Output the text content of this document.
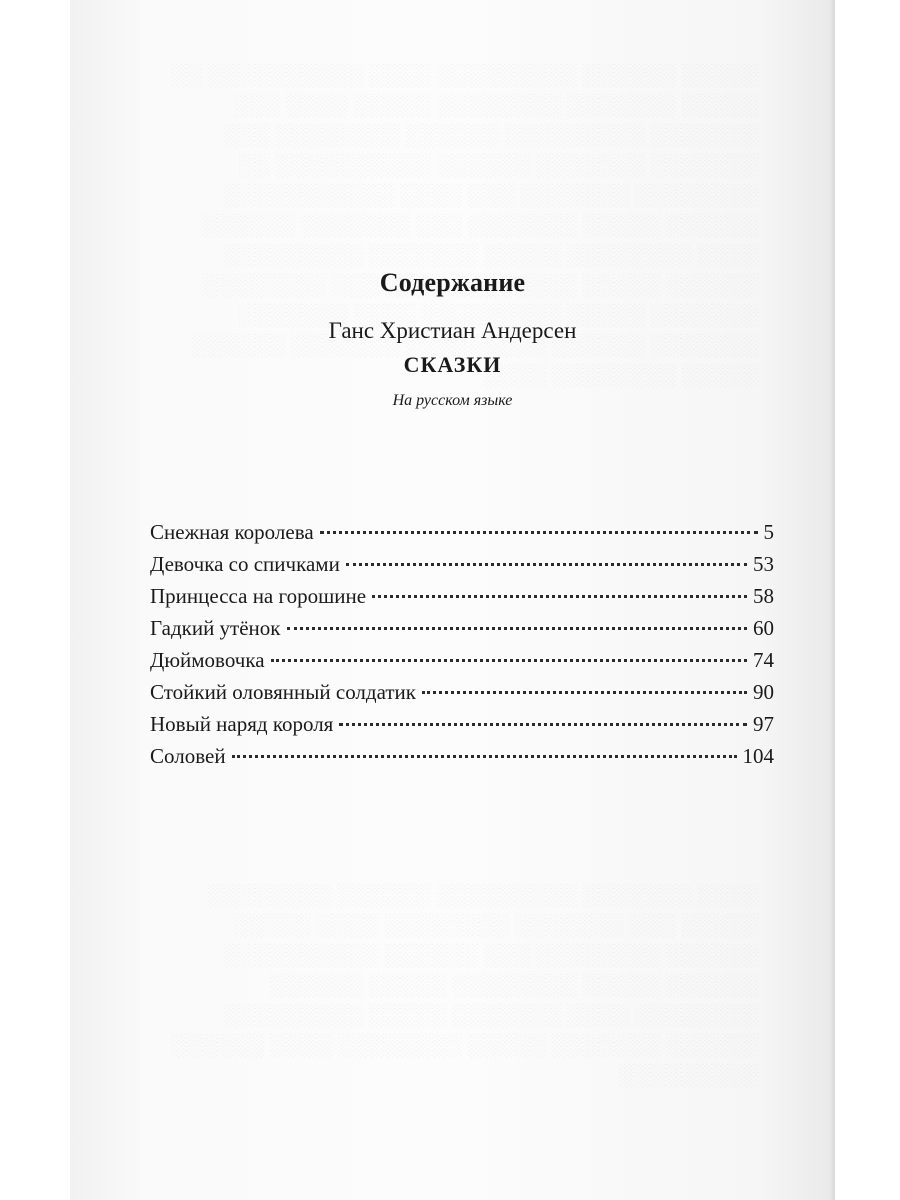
Содержание
Ганс Христиан Андерсен
СКАЗКИ
На русском языке
Снежная королева	5
Девочка со спичками	53
Принцесса на горошине	58
Гадкий утёнок	60
Дюймовочка	74
Стойкий оловянный солдатик	90
Новый наряд короля	97
Соловей	104
